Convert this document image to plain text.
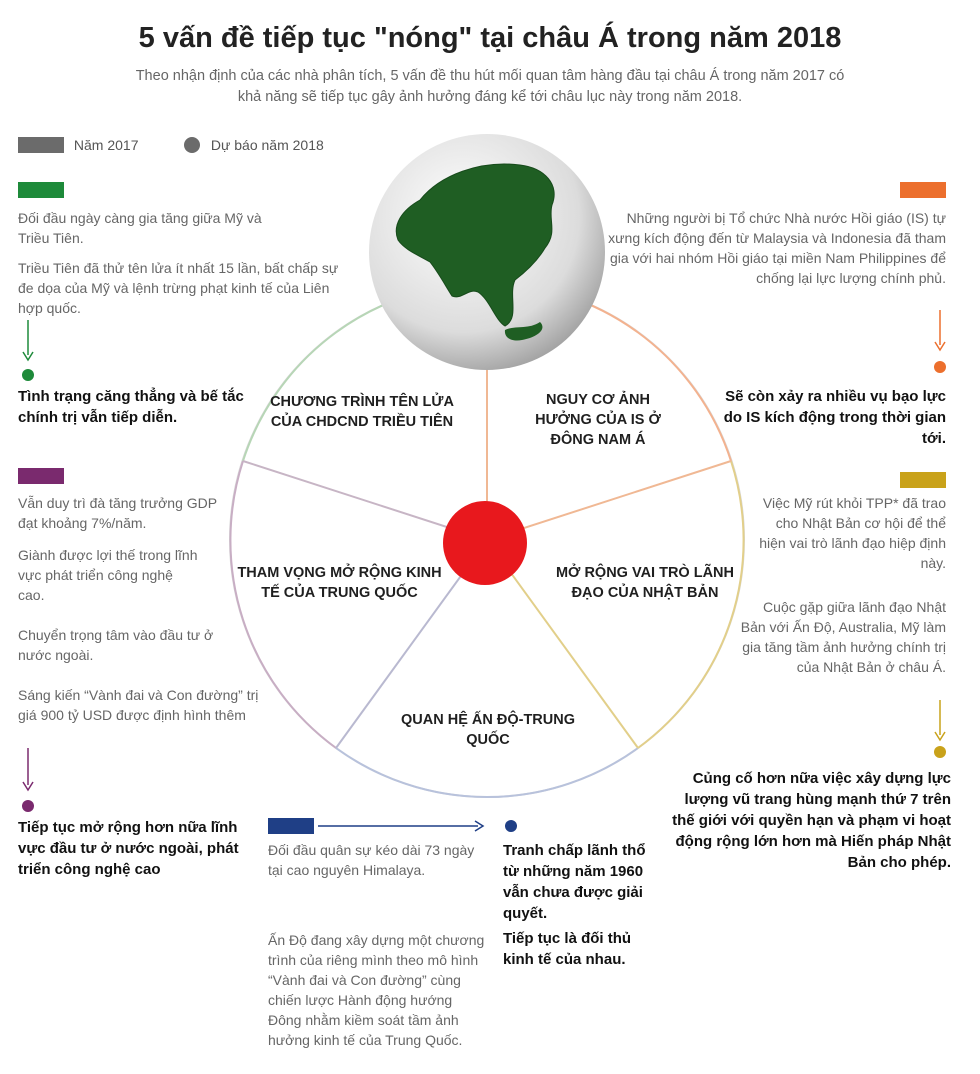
5 vấn đề tiếp tục "nóng" tại châu Á trong năm 2018
Theo nhận định của các nhà phân tích, 5 vấn đề thu hút mối quan tâm hàng đầu tại châu Á trong năm 2017 có khả năng sẽ tiếp tục gây ảnh hưởng đáng kể tới châu lục này trong năm 2018.
Năm 2017	Dự báo năm 2018
CHƯƠNG TRÌNH TÊN LỬA CỦA CHDCND TRIỀU TIÊN
NGUY CƠ ẢNH HƯỞNG CỦA IS Ở ĐÔNG NAM Á
MỞ RỘNG VAI TRÒ LÃNH ĐẠO CỦA NHẬT BẢN
QUAN HỆ ẤN ĐỘ-TRUNG QUỐC
THAM VỌNG MỞ RỘNG KINH TẾ CỦA TRUNG QUỐC
Đối đầu ngày càng gia tăng giữa Mỹ và Triều Tiên.
Triều Tiên đã thử tên lửa ít nhất 15 lần, bất chấp sự đe dọa của Mỹ và lệnh trừng phạt kinh tế của Liên hợp quốc.
Tình trạng căng thẳng và bế tắc chính trị vẫn tiếp diễn.
Vẫn duy trì đà tăng trưởng GDP đạt khoảng 7%/năm.
Giành được lợi thế trong lĩnh vực phát triển công nghệ cao.
Chuyển trọng tâm vào đầu tư ở nước ngoài.
Sáng kiến “Vành đai và Con đường” trị giá 900 tỷ USD được định hình thêm
Tiếp tục mở rộng hơn nữa lĩnh vực đầu tư ở nước ngoài, phát triển công nghệ cao
Những người bị Tổ chức Nhà nước Hồi giáo (IS) tự xưng kích động đến từ Malaysia và Indonesia đã tham gia với hai nhóm Hồi giáo tại miền Nam Philippines để chống lại lực lượng chính phủ.
Sẽ còn xảy ra nhiều vụ bạo lực do IS kích động trong thời gian tới.
Việc Mỹ rút khỏi TPP* đã trao cho Nhật Bản cơ hội để thể hiện vai trò lãnh đạo hiệp định này.
Cuộc gặp giữa lãnh đạo Nhật Bản với Ấn Độ, Australia, Mỹ làm gia tăng tầm ảnh hưởng chính trị của Nhật Bản ở châu Á.
Củng cố hơn nữa việc xây dựng lực lượng vũ trang hùng mạnh thứ 7 trên thế giới với quyền hạn và phạm vi hoạt động rộng lớn hơn mà Hiến pháp Nhật Bản cho phép.
Đối đầu quân sự kéo dài 73 ngày tại cao nguyên Himalaya.
Ấn Độ đang xây dựng một chương trình của riêng mình theo mô hình “Vành đai và Con đường” cùng chiến lược Hành động hướng Đông nhằm kiềm soát tầm ảnh hưởng kinh tế của Trung Quốc.
Tranh chấp lãnh thổ từ những năm 1960 vẫn chưa được giải quyết.
Tiếp tục là đối thủ kinh tế của nhau.
